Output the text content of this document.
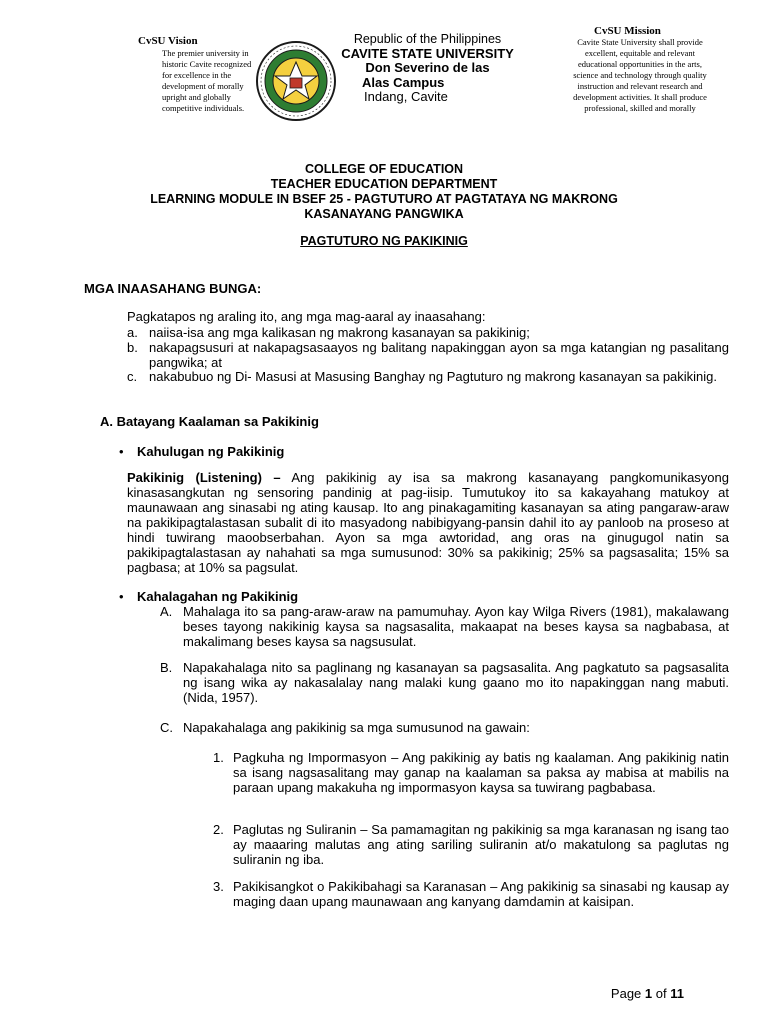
CvSU Vision
The premier university in historic Cavite recognized for excellence in the development of morally upright and globally competitive individuals.
Republic of the Philippines
CAVITE STATE UNIVERSITY
Don Severino de las
Alas Campus
Indang, Cavite
CvSU Mission
Cavite State University shall provide excellent, equitable and relevant educational opportunities in the arts, science and technology through quality instruction and relevant research and development activities. It shall produce professional, skilled and morally
COLLEGE OF EDUCATION
TEACHER EDUCATION DEPARTMENT
LEARNING MODULE IN BSEF 25 - PAGTUTURO AT PAGTATAYA NG MAKRONG
KASANAYANG PANGWIKA
PAGTUTURO NG PAKIKINIG
MGA INAASAHANG BUNGA:
Pagkatapos ng araling ito, ang mga mag-aaral ay inaasahang:
a. naiisa-isa ang mga kalikasan ng makrong kasanayan sa pakikinig;
b. nakapagsusuri at nakapagsasaayos ng balitang napakinggan ayon sa mga katangian ng pasalitang pangwika; at
c. nakabubuo ng Di- Masusi at Masusing Banghay ng Pagtuturo ng makrong kasanayan sa pakikinig.
A. Batayang Kaalaman sa Pakikinig
• Kahulugan ng Pakikinig
Pakikinig (Listening) – Ang pakikinig ay isa sa makrong kasanayang pangkomunikasyong kinasasangkutan ng sensoring pandinig at pag-iisip. Tumutukoy ito sa kakayahang matukoy at maunawaan ang sinasabi ng ating kausap. Ito ang pinakagamiting kasanayan sa ating pangaraw-araw na pakikipagtalastasan subalit di ito masyadong nabibigyang-pansin dahil ito ay panloob na proseso at hindi tuwirang maoobserbahan. Ayon sa mga awtoridad, ang oras na ginugugol natin sa pakikipagtalastasan ay nahahati sa mga sumusunod: 30% sa pakikinig; 25% sa pagsasalita; 15% sa pagbasa; at 10% sa pagsulat.
• Kahalagahan ng Pakikinig
A. Mahalaga ito sa pang-araw-araw na pamumuhay. Ayon kay Wilga Rivers (1981), makalawang beses tayong nakikinig kaysa sa nagsasalita, makaapat na beses kaysa sa nagbabasa, at makalimang beses kaysa sa nagsusulat.
B. Napakahalaga nito sa paglinang ng kasanayan sa pagsasalita. Ang pagkatuto sa pagsasalita ng isang wika ay nakasalalay nang malaki kung gaano mo ito napakinggan nang mabuti. (Nida, 1957).
C. Napakahalaga ang pakikinig sa mga sumusunod na gawain:
1. Pagkuha ng Impormasyon – Ang pakikinig ay batis ng kaalaman. Ang pakikinig natin sa isang nagsasalitang may ganap na kaalaman sa paksa ay mabisa at mabilis na paraan upang makakuha ng impormasyon kaysa sa tuwirang pagbabasa.
2. Paglutas ng Suliranin – Sa pamamagitan ng pakikinig sa mga karanasan ng isang tao ay maaaring malutas ang ating sariling suliranin at/o makatulong sa paglutas ng suliranin ng iba.
3. Pakikisangkot o Pakikibahagi sa Karanasan – Ang pakikinig sa sinasabi ng kausap ay maging daan upang maunawaan ang kanyang damdamin at kaisipan.
Page 1 of 11
